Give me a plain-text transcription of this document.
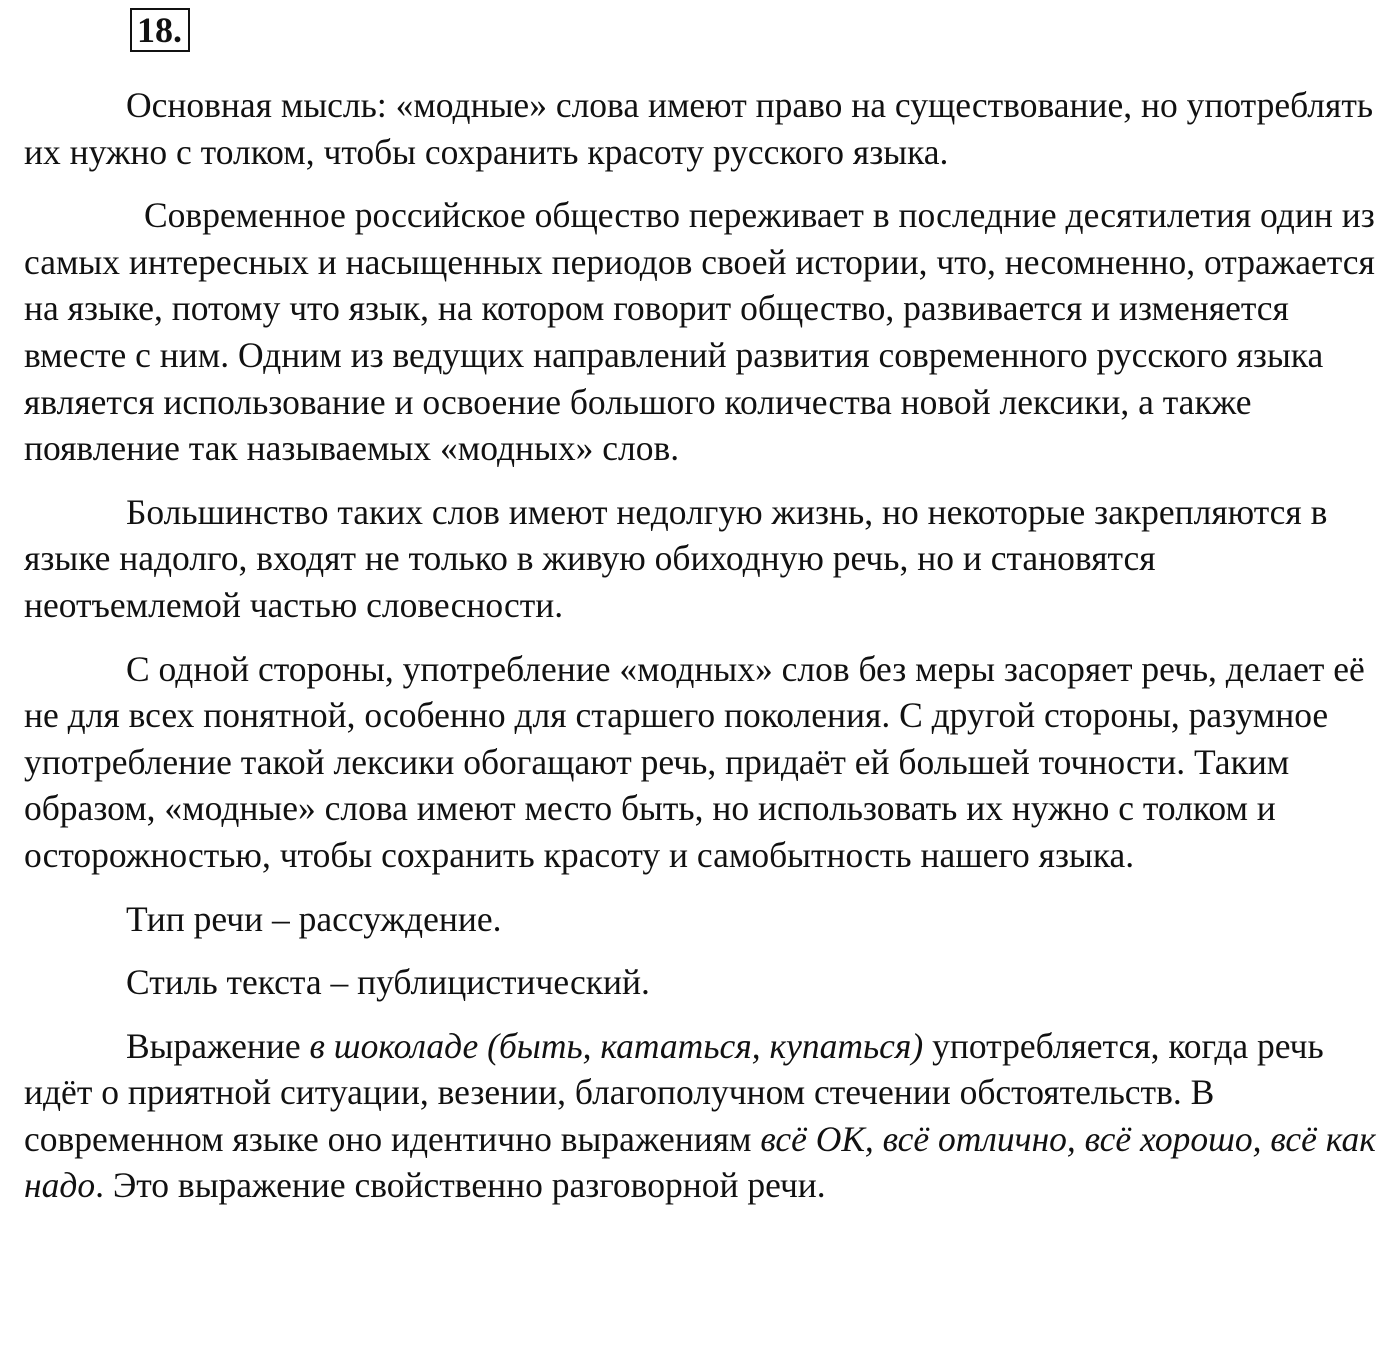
18.

Основная мысль: «модные» слова имеют право на существование, но употреблять их нужно с толком, чтобы сохранить красоту русского языка.

Современное российское общество переживает в последние десятилетия один из самых интересных и насыщенных периодов своей истории, что, несомненно, отражается на языке, потому что язык, на котором говорит общество, развивается и изменяется вместе с ним. Одним из ведущих направлений развития современного русского языка является использование и освоение большого количества новой лексики, а также появление так называемых «модных» слов.

Большинство таких слов имеют недолгую жизнь, но некоторые закрепляются в языке надолго, входят не только в живую обиходную речь, но и становятся неотъемлемой частью словесности.

С одной стороны, употребление «модных» слов без меры засоряет речь, делает её не для всех понятной, особенно для старшего поколения. С другой стороны, разумное употребление такой лексики обогащают речь, придаёт ей большей точности. Таким образом, «модные» слова имеют место быть, но использовать их нужно с толком и осторожностью, чтобы сохранить красоту и самобытность нашего языка.

Тип речи – рассуждение.

Стиль текста – публицистический.

Выражение в шоколаде (быть, кататься, купаться) употребляется, когда речь идёт о приятной ситуации, везении, благополучном стечении обстоятельств. В современном языке оно идентично выражениям всё ОК, всё отлично, всё хорошо, всё как надо. Это выражение свойственно разговорной речи.
